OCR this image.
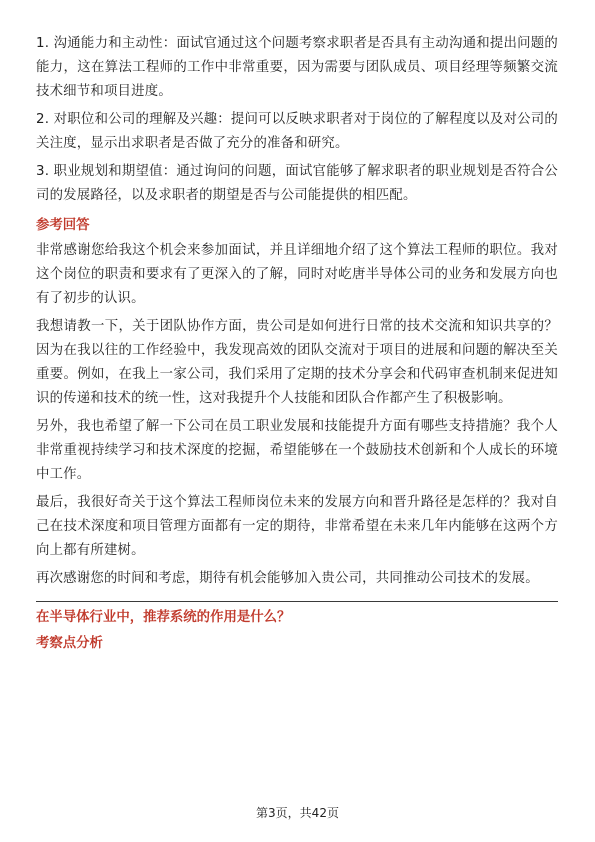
1. 沟通能力和主动性：面试官通过这个问题考察求职者是否具有主动沟通和提出问题的能力，这在算法工程师的工作中非常重要，因为需要与团队成员、项目经理等频繁交流技术细节和项目进度。

2. 对职位和公司的理解及兴趣：提问可以反映求职者对于岗位的了解程度以及对公司的关注度，显示出求职者是否做了充分的准备和研究。

3. 职业规划和期望值：通过询问的问题，面试官能够了解求职者的职业规划是否符合公司的发展路径，以及求职者的期望是否与公司能提供的相匹配。

参考回答

非常感谢您给我这个机会来参加面试，并且详细地介绍了这个算法工程师的职位。我对这个岗位的职责和要求有了更深入的了解，同时对屹唐半导体公司的业务和发展方向也有了初步的认识。

我想请教一下，关于团队协作方面，贵公司是如何进行日常的技术交流和知识共享的？因为在我以往的工作经验中，我发现高效的团队交流对于项目的进展和问题的解决至关重要。例如，在我上一家公司，我们采用了定期的技术分享会和代码审查机制来促进知识的传递和技术的统一性，这对我提升个人技能和团队合作都产生了积极影响。

另外，我也希望了解一下公司在员工职业发展和技能提升方面有哪些支持措施？我个人非常重视持续学习和技术深度的挖掘，希望能够在一个鼓励技术创新和个人成长的环境中工作。

最后，我很好奇关于这个算法工程师岗位未来的发展方向和晋升路径是怎样的？我对自己在技术深度和项目管理方面都有一定的期待，非常希望在未来几年内能够在这两个方向上都有所建树。

再次感谢您的时间和考虑，期待有机会能够加入贵公司，共同推动公司技术的发展。

在半导体行业中，推荐系统的作用是什么？

考察点分析
第3页，共42页
